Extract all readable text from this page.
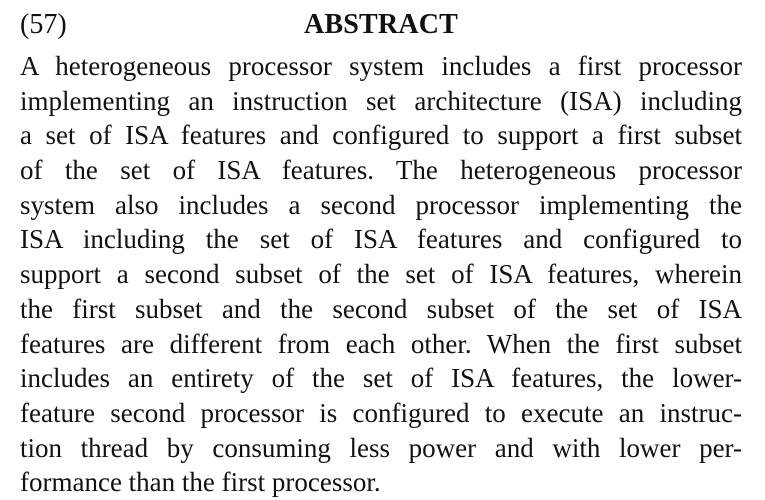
(57)	ABSTRACT
A heterogeneous processor system includes a first processor
implementing an instruction set architecture (ISA) including
a set of ISA features and configured to support a first subset
of the set of ISA features. The heterogeneous processor
system also includes a second processor implementing the
ISA including the set of ISA features and configured to
support a second subset of the set of ISA features, wherein
the first subset and the second subset of the set of ISA
features are different from each other. When the first subset
includes an entirety of the set of ISA features, the lower-
feature second processor is configured to execute an instruc-
tion thread by consuming less power and with lower per-
formance than the first processor.
